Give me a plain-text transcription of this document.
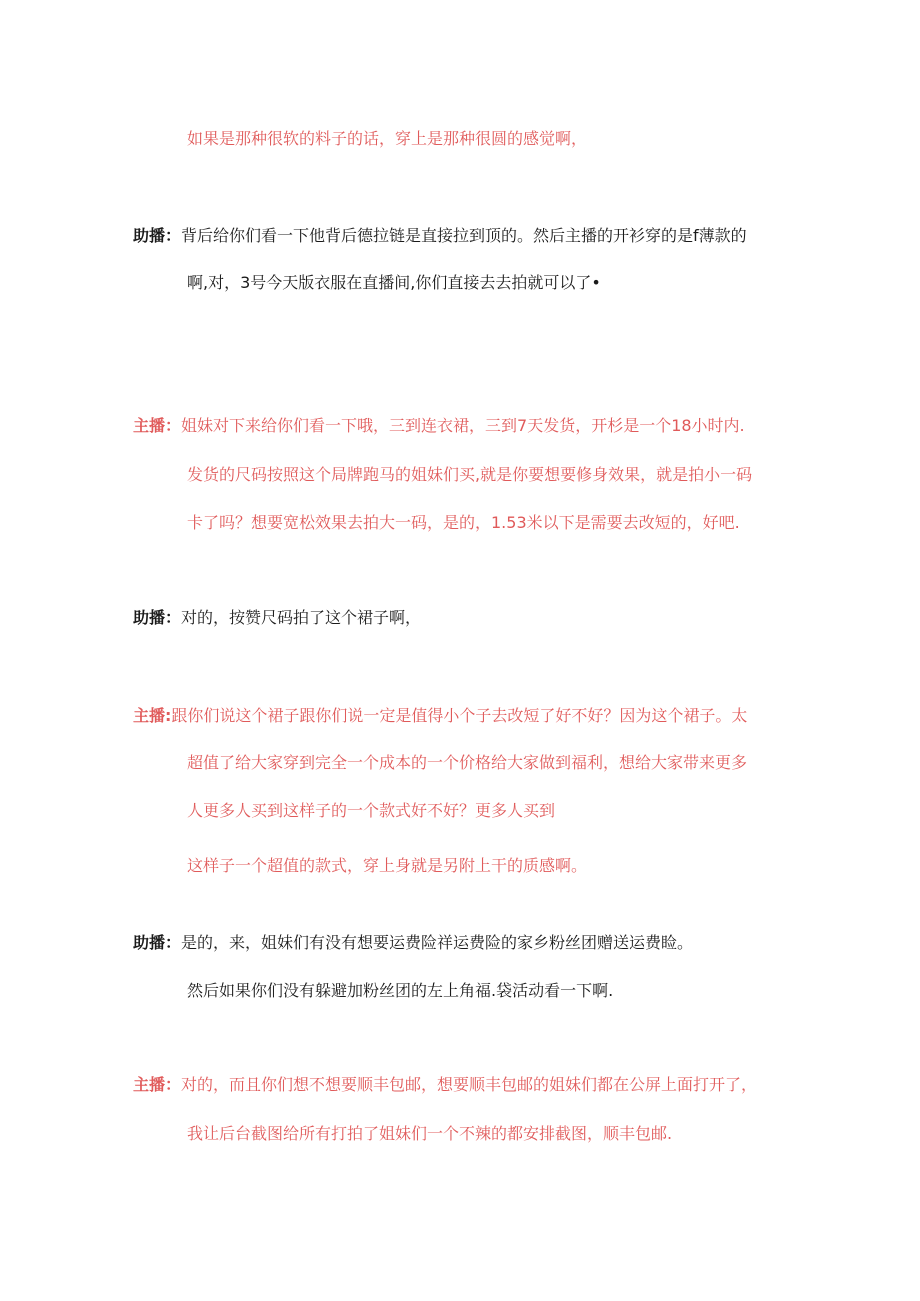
如果是那种很软的料子的话，穿上是那种很圆的感觉啊，
助播：背后给你们看一下他背后德拉链是直接拉到顶的。然后主播的开衫穿的是f薄款的
啊,对，3号今天版衣服在直播间,你们直接去去拍就可以了•
主播：姐妹对下来给你们看一下哦，三到连衣裙，三到7天发货，开杉是一个18小时内.
发货的尺码按照这个局牌跑马的姐妹们买,就是你要想要修身效果，就是拍小一码
卡了吗？想要宽松效果去拍大一码，是的，1.53米以下是需要去改短的，好吧.
助播：对的，按赞尺码拍了这个裙子啊，
主播:跟你们说这个裙子跟你们说一定是值得小个子去改短了好不好？因为这个裙子。太
超值了给大家穿到完全一个成本的一个价格给大家做到福利，想给大家带来更多
人更多人买到这样子的一个款式好不好？更多人买到
这样子一个超值的款式，穿上身就是另附上干的质感啊。
助播：是的，来，姐妹们有没有想要运费险祥运费险的家乡粉丝团赠送运费睑。
然后如果你们没有躲避加粉丝团的左上角福.袋活动看一下啊.
主播：对的，而且你们想不想要顺丰包邮，想要顺丰包邮的姐妹们都在公屏上面打开了，
我让后台截图给所有打拍了姐妹们一个不辣的都安排截图，顺丰包邮.
